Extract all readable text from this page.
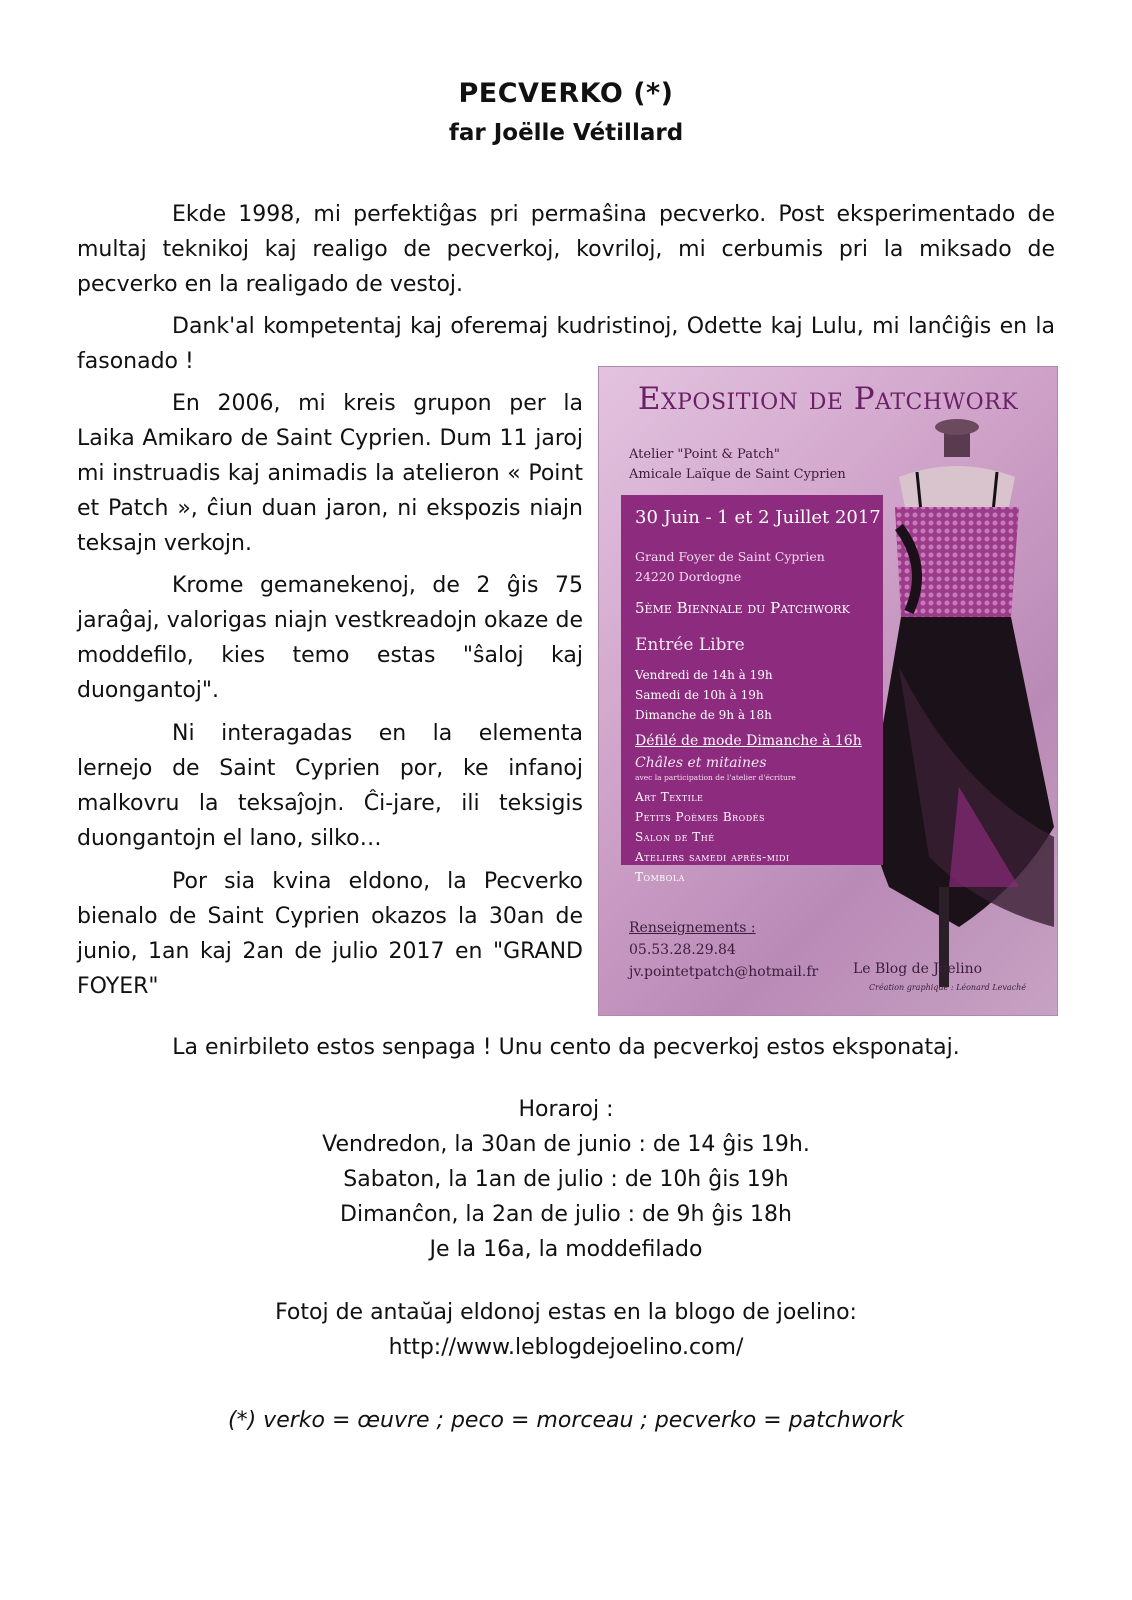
PECVERKO (*)
far Joëlle Vétillard

Ekde 1998, mi perfektiĝas pri permaŝina pecverko. Post eksperimentado de multaj teknikoj kaj realigo de pecverkoj, kovriloj, mi cerbumis pri la miksado de pecverko en la realigado de vestoj.

Dank'al kompetentaj kaj oferemaj kudristinoj, Odette kaj Lulu, mi lanĉiĝis en la fasonado !

En 2006, mi kreis grupon per la Laika Amikaro de Saint Cyprien. Dum 11 jaroj mi instruadis kaj animadis la atelieron « Point et Patch », ĉiun duan jaron, ni ekspozis niajn teksajn verkojn.

Krome gemanekenoj, de 2 ĝis 75 jaraĝaj, valorigas niajn vestkreadojn okaze de moddefilo, kies temo estas "ŝaloj kaj duongantoj".

Ni interagadas en la elementa lernejo de Saint Cyprien por, ke infanoj malkovru la teksaĵojn. Ĉi-jare, ili teksigis duongantojn el lano, silko…

Por sia kvina eldono, la Pecverko bienalo de Saint Cyprien okazos la 30an de junio, 1an kaj 2an de julio 2017 en "GRAND FOYER"

Exposition de Patchwork
Atelier "Point & Patch"
Amicale Laïque de Saint Cyprien
30 Juin - 1 et 2 Juillet 2017
Grand Foyer de Saint Cyprien
24220 Dordogne
5ème Biennale du Patchwork
Entrée Libre
Vendredi de 14h à 19h
Samedi de 10h à 19h
Dimanche de 9h à 18h
Défilé de mode Dimanche à 16h
Châles et mitaines
avec la participation de l'atelier d'écriture
Art Textile
Petits Poèmes Brodés
Salon de Thé
Ateliers samedi après-midi
Tombola
Renseignements :
05.53.28.29.84
jv.pointetpatch@hotmail.fr Le Blog de Joelino
Création graphique : Léonard Levaché

La enirbileto estos senpaga ! Unu cento da pecverkoj estos eksponataj.

Horaroj :

Vendredon, la 30an de junio : de 14 ĝis 19h.

Sabaton, la 1an de julio : de 10h ĝis 19h

Dimanĉon, la 2an de julio : de 9h ĝis 18h

Je la 16a, la moddefilado

Fotoj de antaŭaj eldonoj estas en la blogo de joelino:

http://www.leblogdejoelino.com/

(*) verko = œuvre ; peco = morceau ; pecverko = patchwork
